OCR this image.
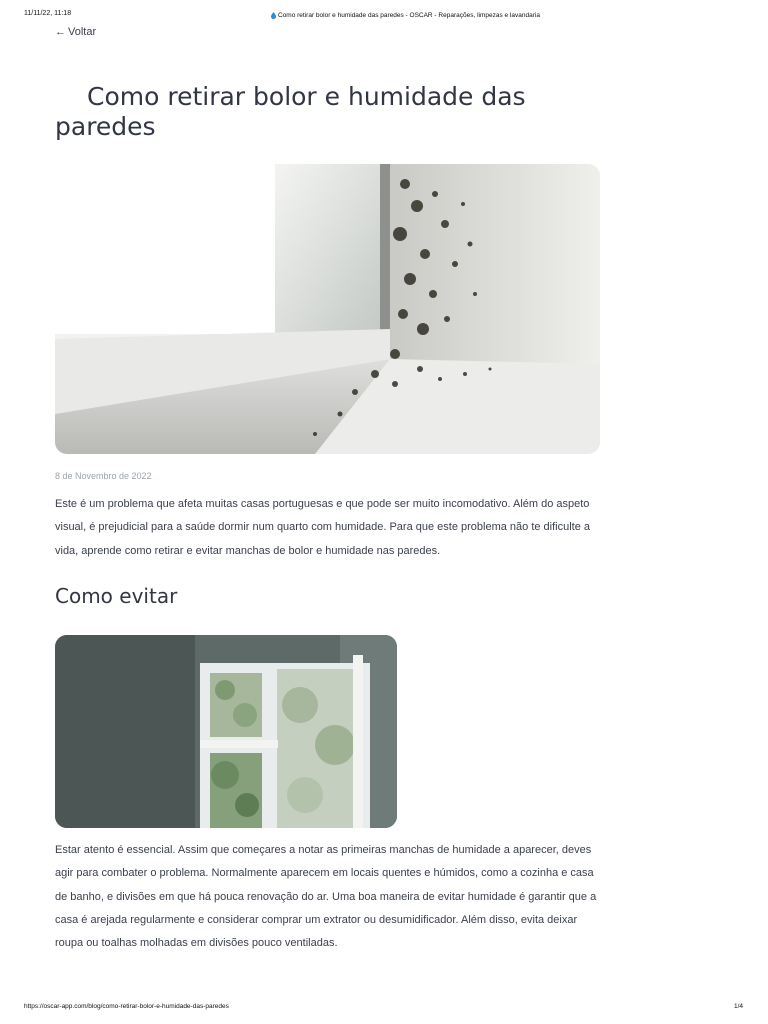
11/11/22, 11:18	Como retirar bolor e humidade das paredes - OSCAR - Reparações, limpezas e lavandaria
← Voltar
Como retirar bolor e humidade das paredes
8 de Novembro de 2022

Este é um problema que afeta muitas casas portuguesas e que pode ser muito incomodativo. Além do aspeto visual, é prejudicial para a saúde dormir num quarto com humidade. Para que este problema não te dificulte a vida, aprende como retirar e evitar manchas de bolor e humidade nas paredes.

Como evitar

Estar atento é essencial. Assim que começares a notar as primeiras manchas de humidade a aparecer, deves agir para combater o problema. Normalmente aparecem em locais quentes e húmidos, como a cozinha e casa de banho, e divisões em que há pouca renovação do ar. Uma boa maneira de evitar humidade é garantir que a casa é arejada regularmente e considerar comprar um extrator ou desumidificador. Além disso, evita deixar roupa ou toalhas molhadas em divisões pouco ventiladas.

https://oscar-app.com/blog/como-retirar-bolor-e-humidade-das-paredes	1/4
